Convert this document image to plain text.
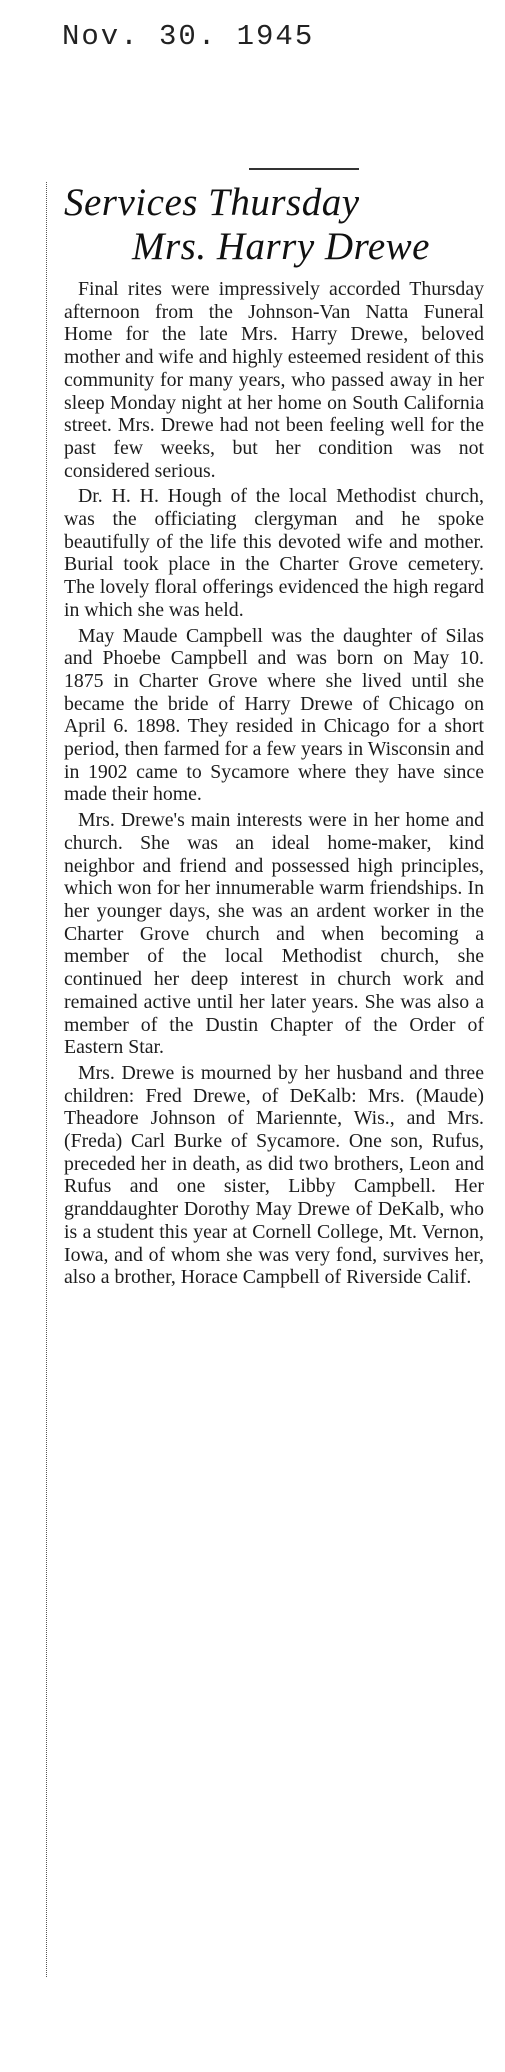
Nov. 30. 1945
Services Thursday
Mrs. Harry Drewe

Final rites were impressively accorded Thursday afternoon from the Johnson-Van Natta Funeral Home for the late Mrs. Harry Drewe, beloved mother and wife and highly esteemed resident of this community for many years, who passed away in her sleep Monday night at her home on South California street. Mrs. Drewe had not been feeling well for the past few weeks, but her condition was not considered serious.

Dr. H. H. Hough of the local Methodist church, was the officiating clergyman and he spoke beautifully of the life this devoted wife and mother. Burial took place in the Charter Grove cemetery. The lovely floral offerings evidenced the high regard in which she was held.

May Maude Campbell was the daughter of Silas and Phoebe Campbell and was born on May 10. 1875 in Charter Grove where she lived until she became the bride of Harry Drewe of Chicago on April 6. 1898. They resided in Chicago for a short period, then farmed for a few years in Wisconsin and in 1902 came to Sycamore where they have since made their home.

Mrs. Drewe's main interests were in her home and church. She was an ideal home-maker, kind neighbor and friend and possessed high principles, which won for her innumerable warm friendships. In her younger days, she was an ardent worker in the Charter Grove church and when becoming a member of the local Methodist church, she continued her deep interest in church work and remained active until her later years. She was also a member of the Dustin Chapter of the Order of Eastern Star.

Mrs. Drewe is mourned by her husband and three children: Fred Drewe, of DeKalb: Mrs. (Maude) Theadore Johnson of Mariennte, Wis., and Mrs. (Freda) Carl Burke of Sycamore. One son, Rufus, preceded her in death, as did two brothers, Leon and Rufus and one sister, Libby Campbell. Her granddaughter Dorothy May Drewe of DeKalb, who is a student this year at Cornell College, Mt. Vernon, Iowa, and of whom she was very fond, survives her, also a brother, Horace Campbell of Riverside Calif.
